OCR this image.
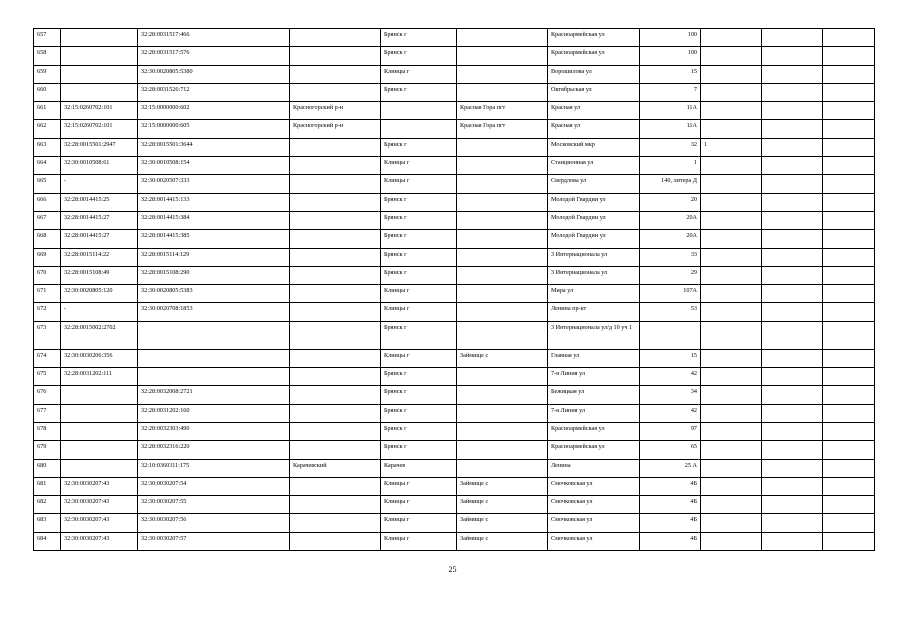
657		32:28:0031517:466		Брянск г		Красноармейская ул	100			
658		32:28:0031517:576		Брянск г		Красноармейская ул	100			
659		32:30:0020805:5380		Клинцы г		Ворошилова ул	15			
660		32:28:0031526:712		Брянск г		Октябрьская ул	7			
661	32:15:0260702:101	32:15:0000000:602	Красногорский р-н		Красная Гора пгт	Красная ул	11А			
662	32:15:0260702:101	32:15:0000000:605	Красногорский р-н		Красная Гора пгт	Красная ул	11А			
663	32:28:0015501:2947	32:28:0015501:3644		Брянск г		Московский мкр	32	1		
664	32:30:0010508:61	32:30:0010508:154		Клинцы г		Станционная ул	1			
665	-	32:30:0020507:333		Клинцы г		Свердлова ул	140, литера Д			
666	32:28:0014415:25	32:28:0014415:133		Брянск г		Молодой Гвардии ул	20			
667	32:28:0014415:27	32:28:0014415:384		Брянск г		Молодой Гвардии ул	20А			
668	32:28:0014415:27	32:28:0014415:385		Брянск г		Молодой Гвардии ул	20А			
669	32:28:0015114:22	32:28:0015114:129		Брянск г		3 Интернационала ул	33			
670	32:28:0015108:49	32:28:0015108:290		Брянск г		3 Интернационала ул	29			
671	32:30:0020805:120	32:30:0020805:5383		Клинцы г		Мира ул	107А			
672	-	32:30:0020708:1853		Клинцы г		Ленина пр-кт	53			
673	32:28:0015002:2702			Брянск г		3 Интернационала ул/д 10 уч 1				
674	32:30:0030206:356			Клинцы г	Займище с	Главная ул	15			
675	32:28:0031202:111			Брянск г		7-я Линия ул	42			
676		32:28:0032008:2721		Брянск г		Бежицкая ул	34			
677		32:28:0031202:160		Брянск г		7-я Линия ул	42			
678		32:28:0032303:490		Брянск г		Красноармейская ул	97			
679		32:28:0032316:220		Брянск г		Красноармейская ул	65			
680		32:10:0360311:175	Карачевский	Карачев		Ленина	25 А			
681	32:30:0030207:43	32:30:0030207:54		Клинцы г	Займище с	Смочковская ул	4Б			
682	32:30:0030207:43	32:30:0030207:55		Клинцы г	Займище с	Смочковская ул	4Б			
683	32:30:0030207:43	32:30:0030207:56		Клинцы г	Займище с	Смочковская ул	4Б			
684	32:30:0030207:43	32:30:0030207:57		Клинцы г	Займище с	Смочковская ул	4Б			
25
